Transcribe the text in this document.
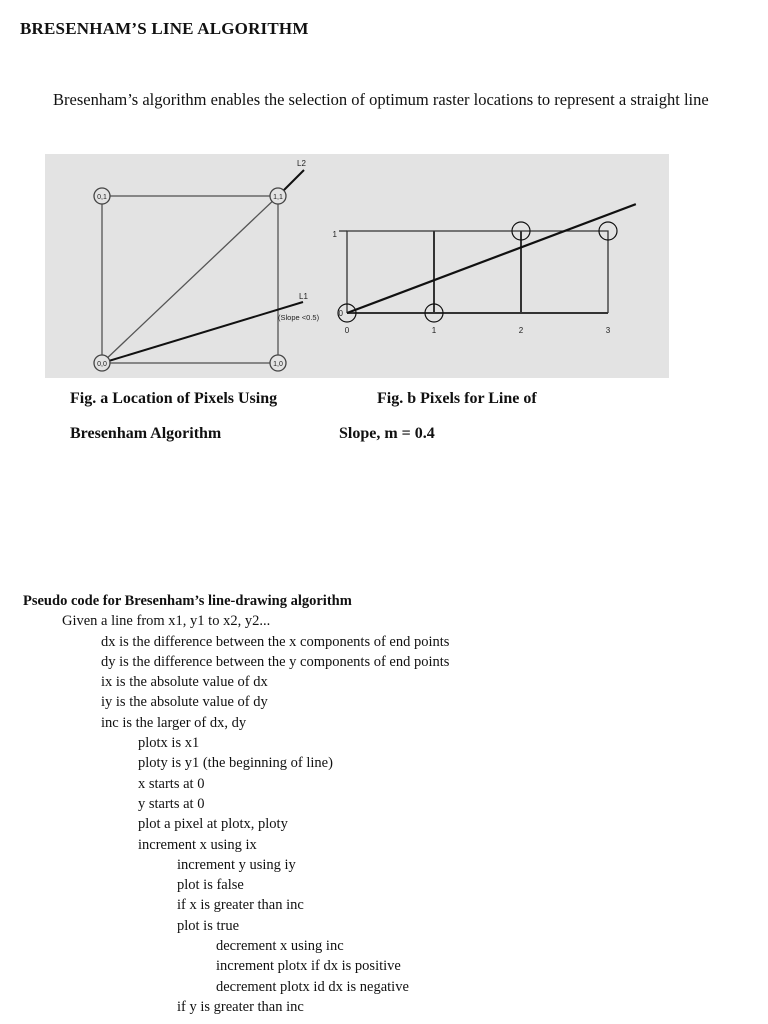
BRESENHAM’S LINE ALGORITHM

Bresenham’s algorithm enables the selection of optimum raster locations to represent a straight line

0,1	1,1
0,0	1,0
L2
L1
(Slope <0.5)
1
0
0	1	2	3

Fig. a Location of Pixels Using

Bresenham Algorithm

Fig. b Pixels for Line of

Slope, m = 0.4

Pseudo code for Bresenham’s line-drawing algorithm
Given a line from x1, y1 to x2, y2...
dx is the difference between the x components of end points
dy is the difference between the y components of end points
ix is the absolute value of dx
iy is the absolute value of dy
inc is the larger of dx, dy
plotx is x1
ploty is y1 (the beginning of line)
x starts at 0
y starts at 0
plot a pixel at plotx, ploty
increment x using ix
increment y using iy
plot is false
if x is greater than inc
plot is true
decrement x using inc
increment plotx if dx is positive
decrement plotx id dx is negative
if y is greater than inc
